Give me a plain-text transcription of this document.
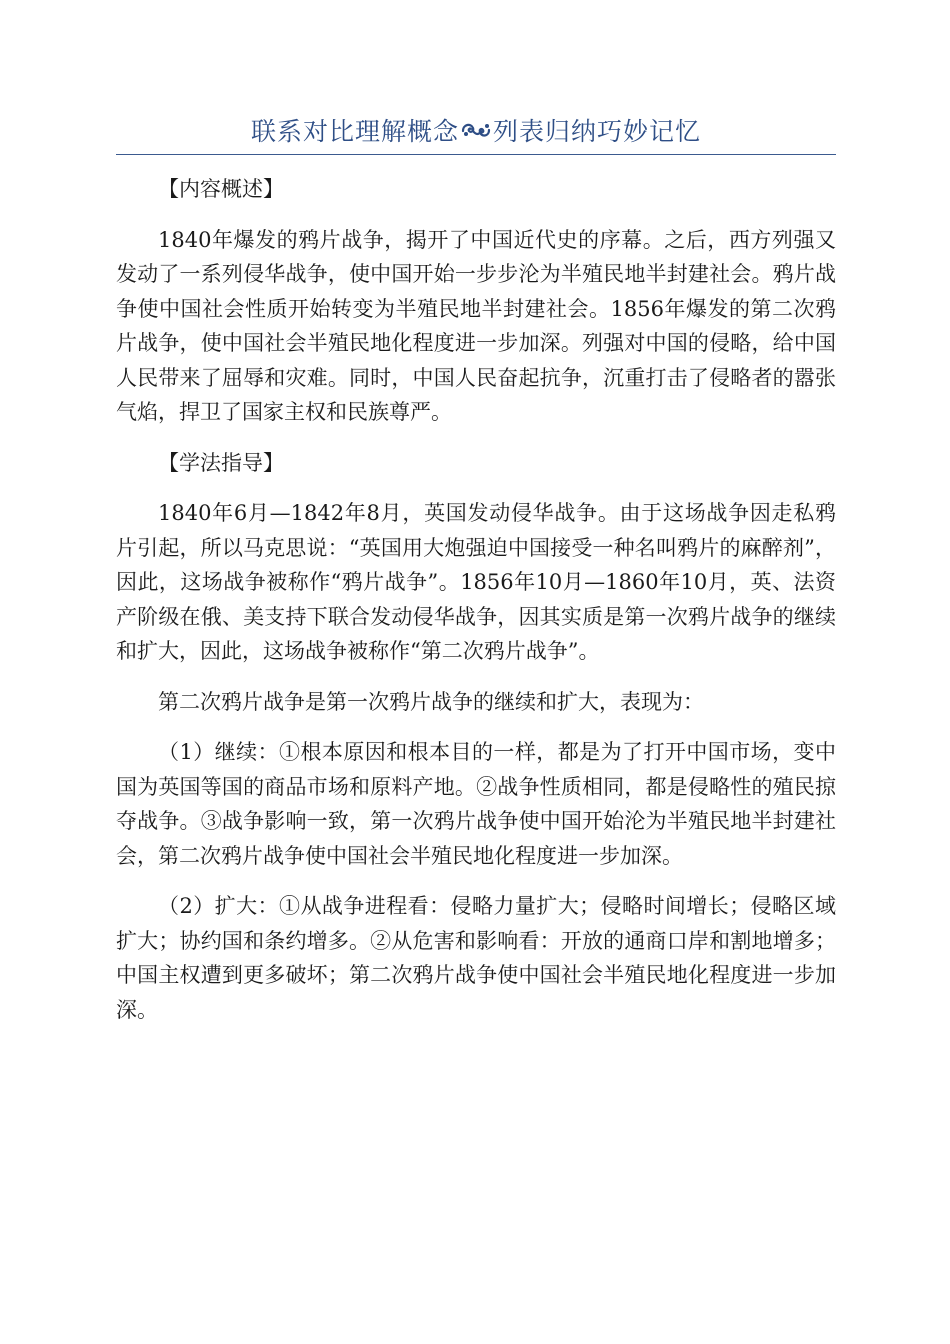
联系对比理解概念 列表归纳巧妙记忆

【内容概述】

1840年爆发的鸦片战争，揭开了中国近代史的序幕。之后，西方列强又发动了一系列侵华战争，使中国开始一步步沦为半殖民地半封建社会。鸦片战争使中国社会性质开始转变为半殖民地半封建社会。1856年爆发的第二次鸦片战争，使中国社会半殖民地化程度进一步加深。列强对中国的侵略，给中国人民带来了屈辱和灾难。同时，中国人民奋起抗争，沉重打击了侵略者的嚣张气焰，捍卫了国家主权和民族尊严。

【学法指导】

1840年6月—1842年8月，英国发动侵华战争。由于这场战争因走私鸦片引起，所以马克思说：“英国用大炮强迫中国接受一种名叫鸦片的麻醉剂”，因此，这场战争被称作“鸦片战争”。1856年10月—1860年10月，英、法资产阶级在俄、美支持下联合发动侵华战争，因其实质是第一次鸦片战争的继续和扩大，因此，这场战争被称作“第二次鸦片战争”。

第二次鸦片战争是第一次鸦片战争的继续和扩大，表现为：

（1）继续：①根本原因和根本目的一样，都是为了打开中国市场，变中国为英国等国的商品市场和原料产地。②战争性质相同，都是侵略性的殖民掠夺战争。③战争影响一致，第一次鸦片战争使中国开始沦为半殖民地半封建社会，第二次鸦片战争使中国社会半殖民地化程度进一步加深。

（2）扩大：①从战争进程看：侵略力量扩大；侵略时间增长；侵略区域扩大；协约国和条约增多。②从危害和影响看：开放的通商口岸和割地增多；中国主权遭到更多破坏；第二次鸦片战争使中国社会半殖民地化程度进一步加深。
